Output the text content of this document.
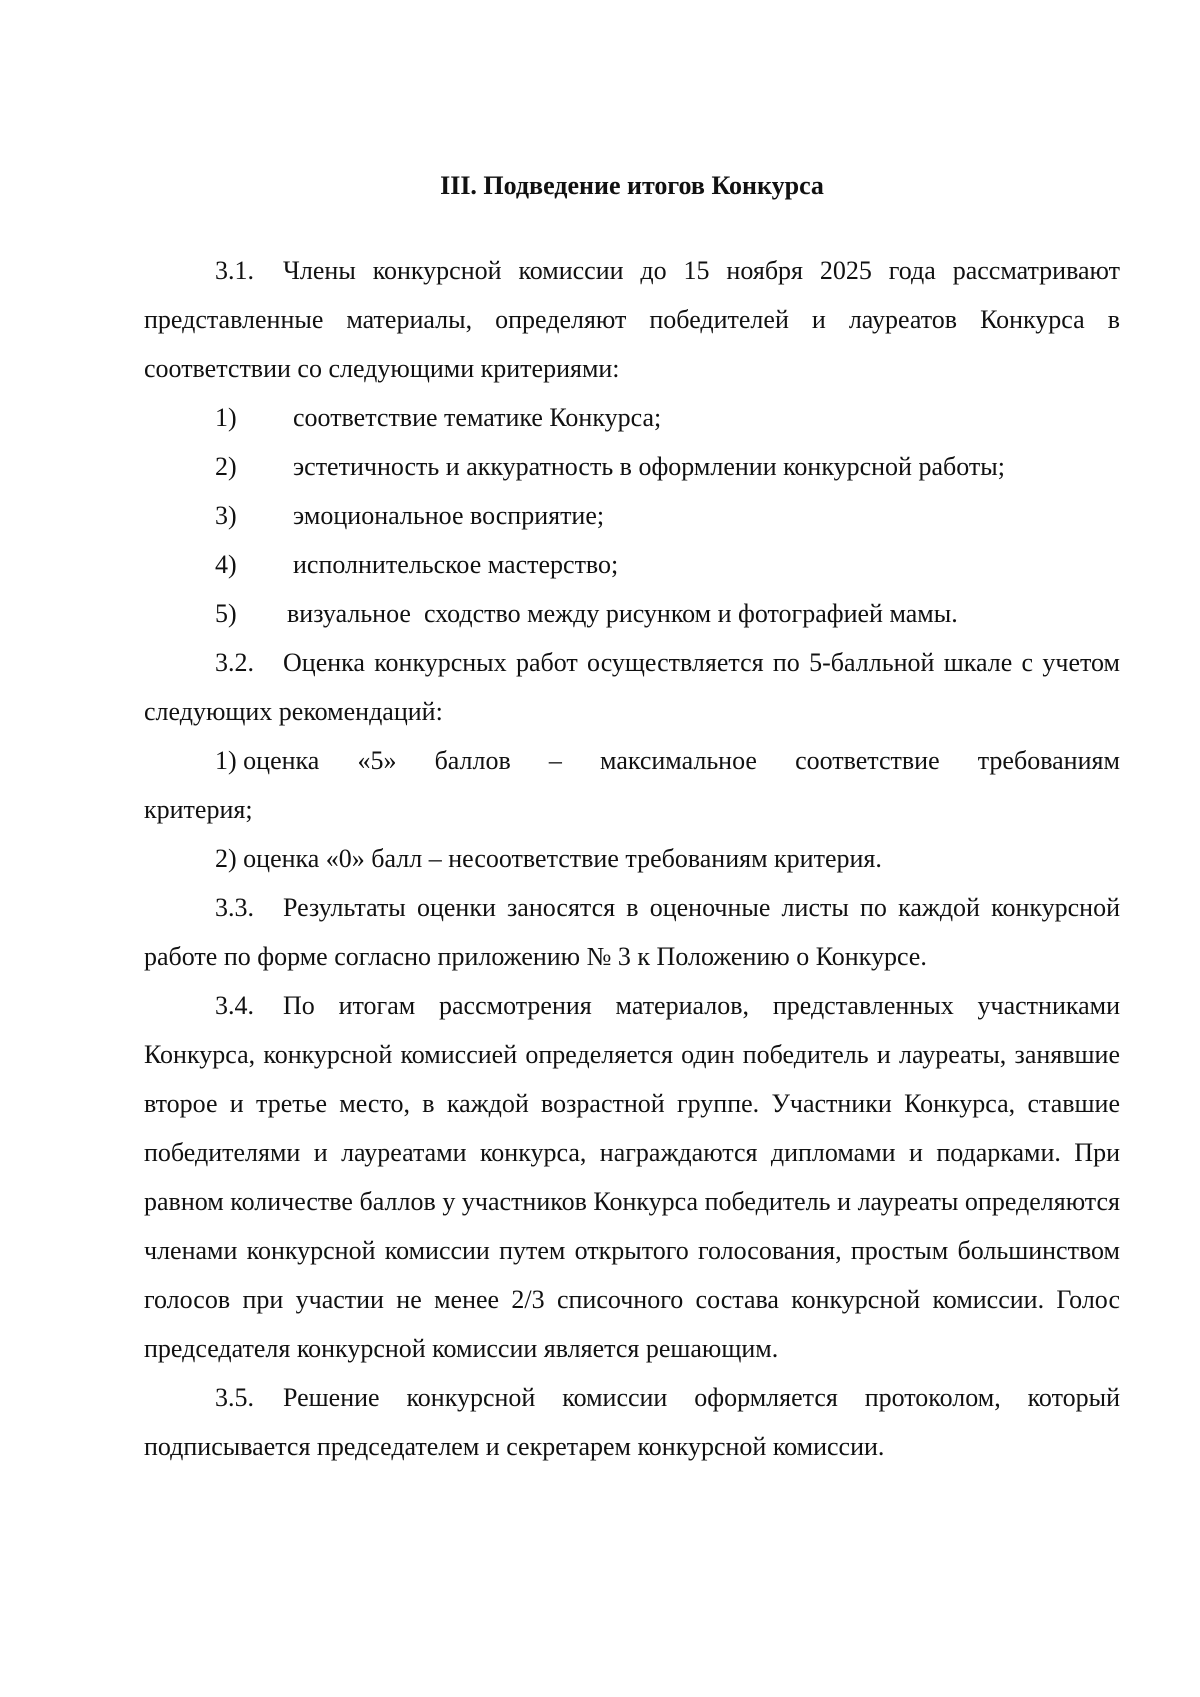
III. Подведение итогов Конкурса

3.1. Члены конкурсной комиссии до 15 ноября 2025 года рассматривают представленные материалы, определяют победителей и лауреатов Конкурса в соответствии со следующими критериями:

1) соответствие тематике Конкурса;

2) эстетичность и аккуратность в оформлении конкурсной работы;

3) эмоциональное восприятие;

4) исполнительское мастерство;

5) визуальное  сходство между рисунком и фотографией мамы.

3.2. Оценка конкурсных работ осуществляется по 5-балльной шкале с учетом следующих рекомендаций:

1) оценка «5» баллов – максимальное соответствие требованиям

критерия;

2) оценка «0» балл – несоответствие требованиям критерия.

3.3. Результаты оценки заносятся в оценочные листы по каждой конкурсной работе по форме согласно приложению № 3 к Положению о Конкурсе.

3.4. По итогам рассмотрения материалов, представленных участниками Конкурса, конкурсной комиссией определяется один победитель и лауреаты, занявшие второе и третье место, в каждой возрастной группе. Участники Конкурса, ставшие победителями и лауреатами конкурса, награждаются дипломами и подарками. При равном количестве баллов у участников Конкурса победитель и лауреаты определяются членами конкурсной комиссии путем открытого голосования, простым большинством голосов при участии не менее 2/3 списочного состава конкурсной комиссии. Голос председателя конкурсной комиссии является решающим.

3.5. Решение конкурсной комиссии оформляется протоколом, который подписывается председателем и секретарем конкурсной комиссии.
